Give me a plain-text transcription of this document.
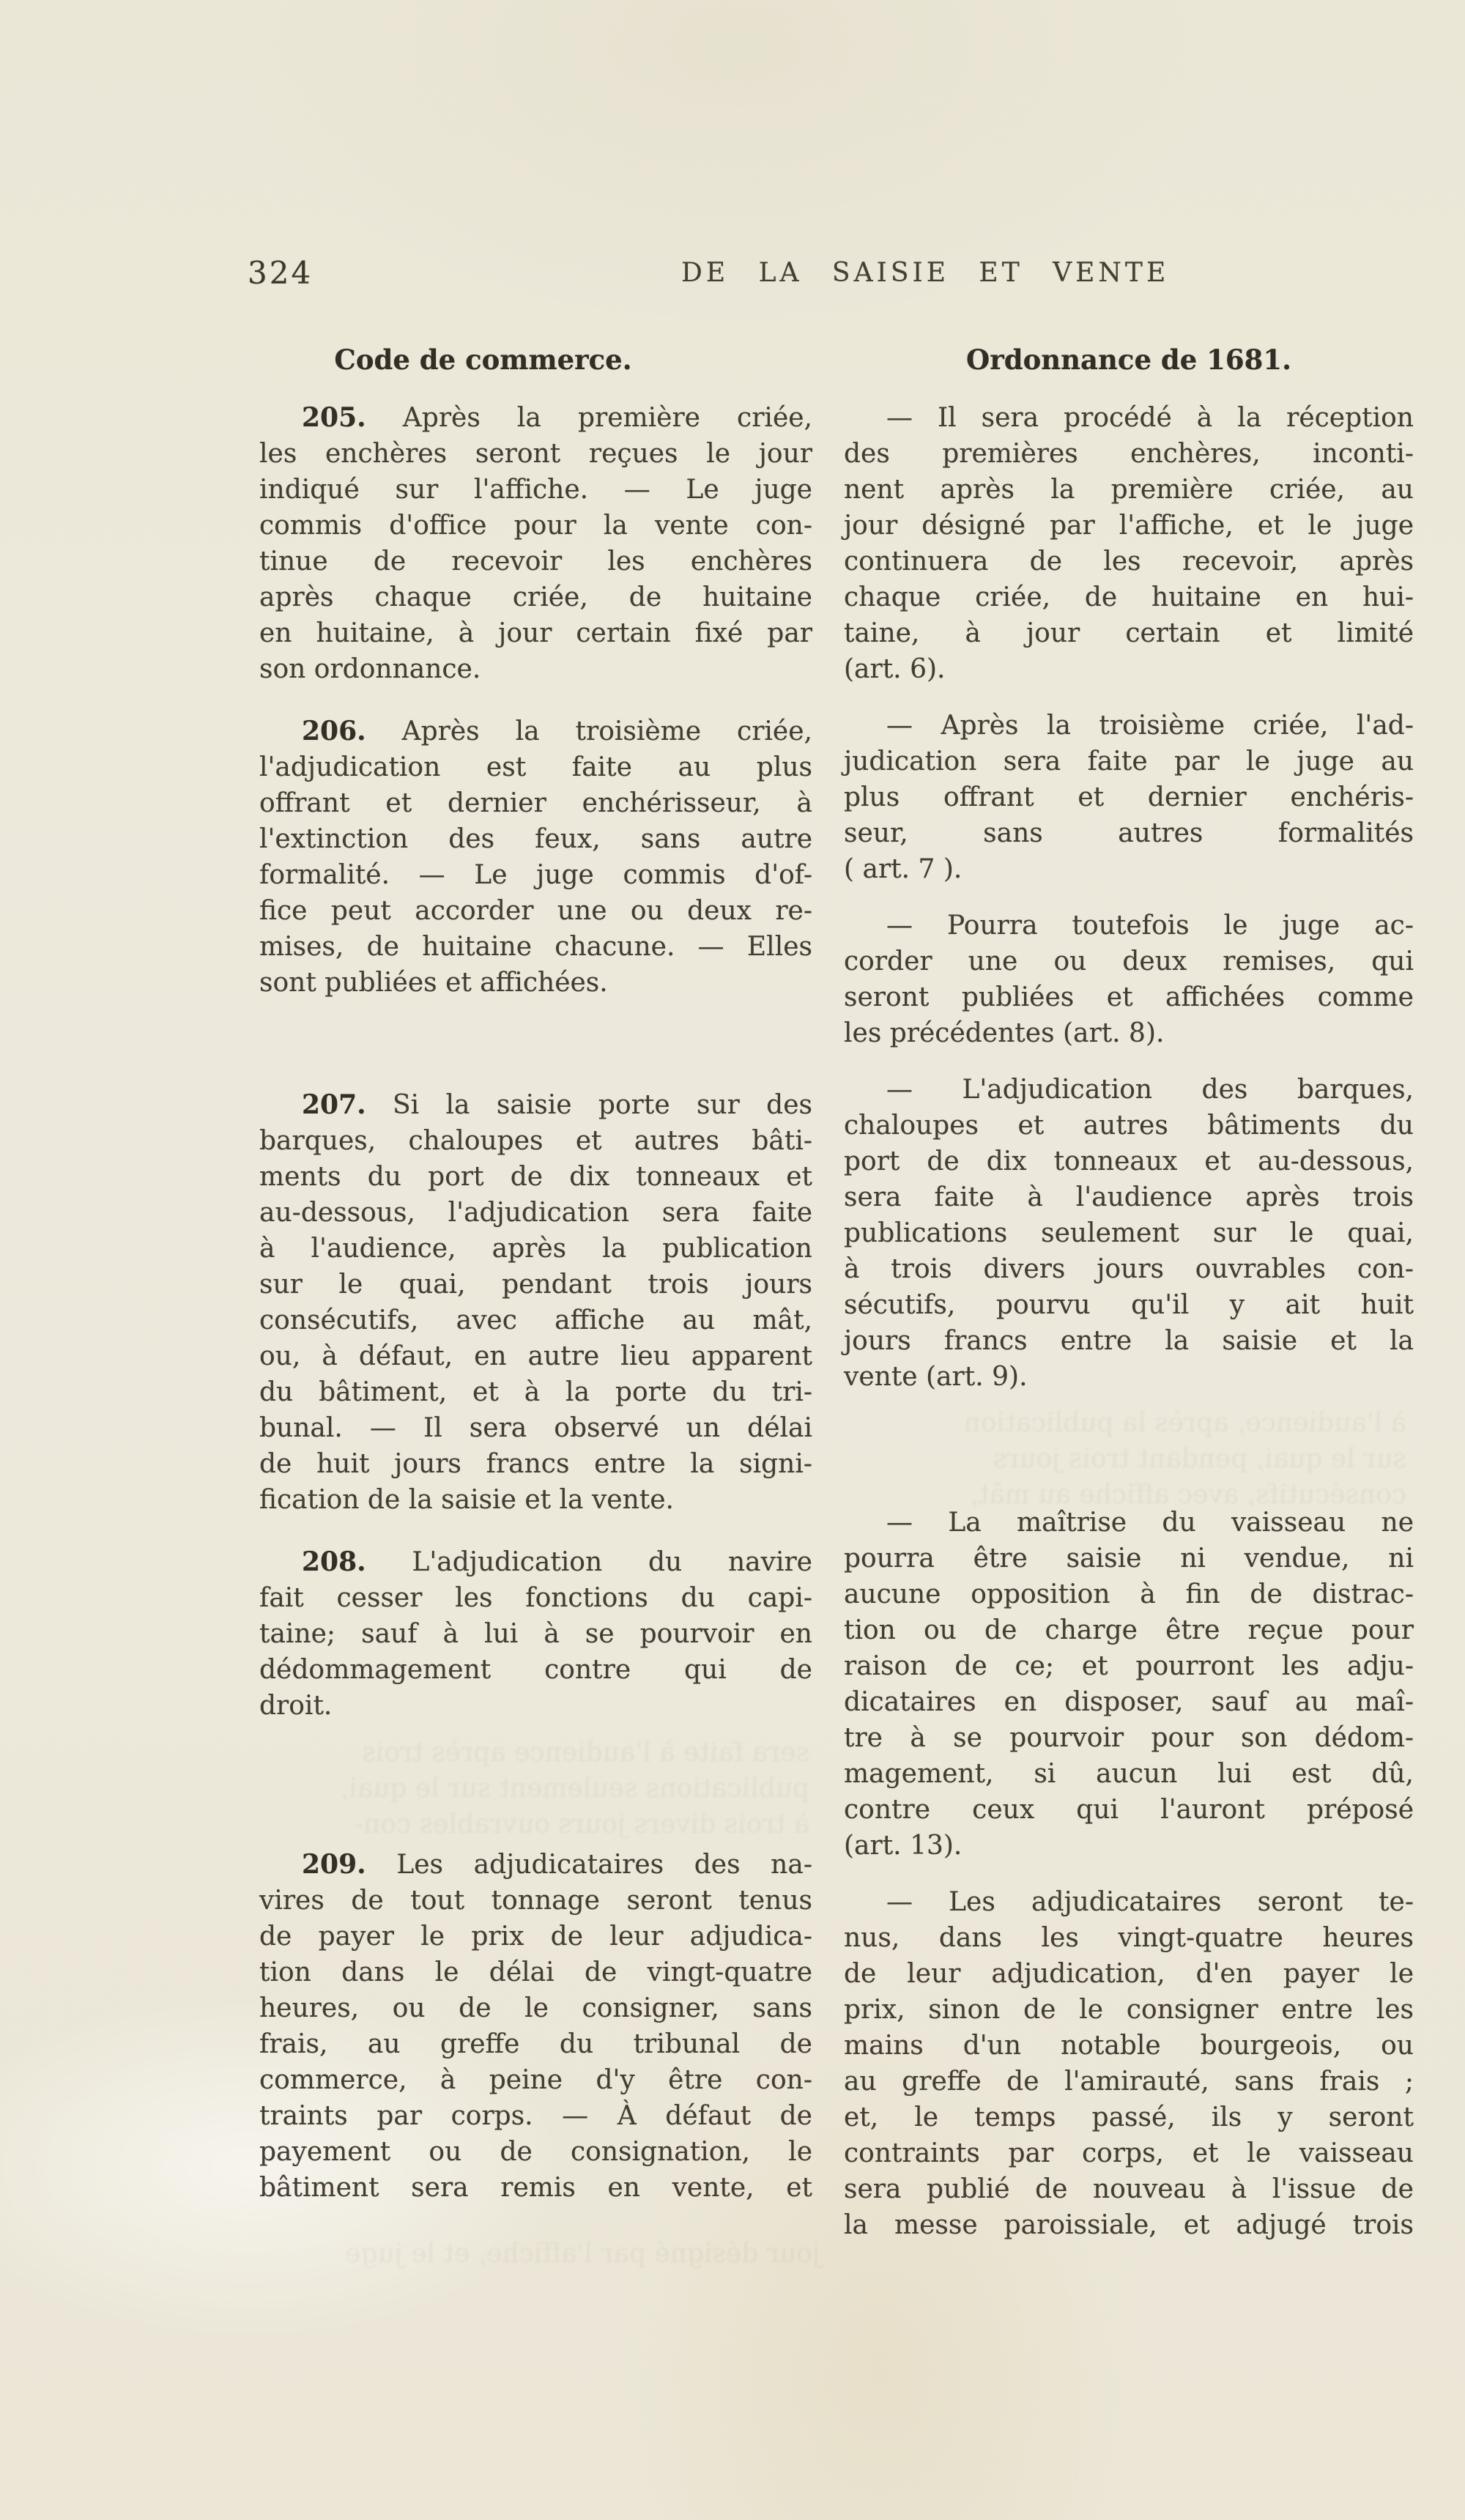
324	DE LA SAISIE ET VENTE
Code de commerce.
205. Après la première criée,
les enchères seront reçues le jour
indiqué sur l'affiche. — Le juge
commis d'office pour la vente con-
tinue de recevoir les enchères
après chaque criée, de huitaine
en huitaine, à jour certain fixé par
son ordonnance.
206. Après la troisième criée,
l'adjudication est faite au plus
offrant et dernier enchérisseur, à
l'extinction des feux, sans autre
formalité. — Le juge commis d'of-
fice peut accorder une ou deux re-
mises, de huitaine chacune. — Elles
sont publiées et affichées.
207. Si la saisie porte sur des
barques, chaloupes et autres bâti-
ments du port de dix tonneaux et
au-dessous, l'adjudication sera faite
à l'audience, après la publication
sur le quai, pendant trois jours
consécutifs, avec affiche au mât,
ou, à défaut, en autre lieu apparent
du bâtiment, et à la porte du tri-
bunal. — Il sera observé un délai
de huit jours francs entre la signi-
fication de la saisie et la vente.
208. L'adjudication du navire
fait cesser les fonctions du capi-
taine; sauf à lui à se pourvoir en
dédommagement contre qui de
droit.
209. Les adjudicataires des na-
vires de tout tonnage seront tenus
de payer le prix de leur adjudica-
tion dans le délai de vingt-quatre
heures, ou de le consigner, sans
frais, au greffe du tribunal de
commerce, à peine d'y être con-
traints par corps. — À défaut de
payement ou de consignation, le
bâtiment sera remis en vente, et
Ordonnance de 1681.
— Il sera procédé à la réception
des premières enchères, inconti-
nent après la première criée, au
jour désigné par l'affiche, et le juge
continuera de les recevoir, après
chaque criée, de huitaine en hui-
taine, à jour certain et limité
(art. 6).
— Après la troisième criée, l'ad-
judication sera faite par le juge au
plus offrant et dernier enchéris-
seur, sans autres formalités
( art. 7 ).
— Pourra toutefois le juge ac-
corder une ou deux remises, qui
seront publiées et affichées comme
les précédentes (art. 8).
— L'adjudication des barques,
chaloupes et autres bâtiments du
port de dix tonneaux et au-dessous,
sera faite à l'audience après trois
publications seulement sur le quai,
à trois divers jours ouvrables con-
sécutifs, pourvu qu'il y ait huit
jours francs entre la saisie et la
vente (art. 9).
— La maîtrise du vaisseau ne
pourra être saisie ni vendue, ni
aucune opposition à fin de distrac-
tion ou de charge être reçue pour
raison de ce; et pourront les adju-
dicataires en disposer, sauf au maî-
tre à se pourvoir pour son dédom-
magement, si aucun lui est dû,
contre ceux qui l'auront préposé
(art. 13).
— Les adjudicataires seront te-
nus, dans les vingt-quatre heures
de leur adjudication, d'en payer le
prix, sinon de le consigner entre les
mains d'un notable bourgeois, ou
au greffe de l'amirauté, sans frais ;
et, le temps passé, ils y seront
contraints par corps, et le vaisseau
sera publié de nouveau à l'issue de
la messe paroissiale, et adjugé trois
à l'audience, après la publication
sur le quai, pendant trois jours
consécutifs, avec affiche au mât,
sera faite à l'audience après trois
publications seulement sur le quai,
à trois divers jours ouvrables con-
jour désigné par l'affiche, et le juge
